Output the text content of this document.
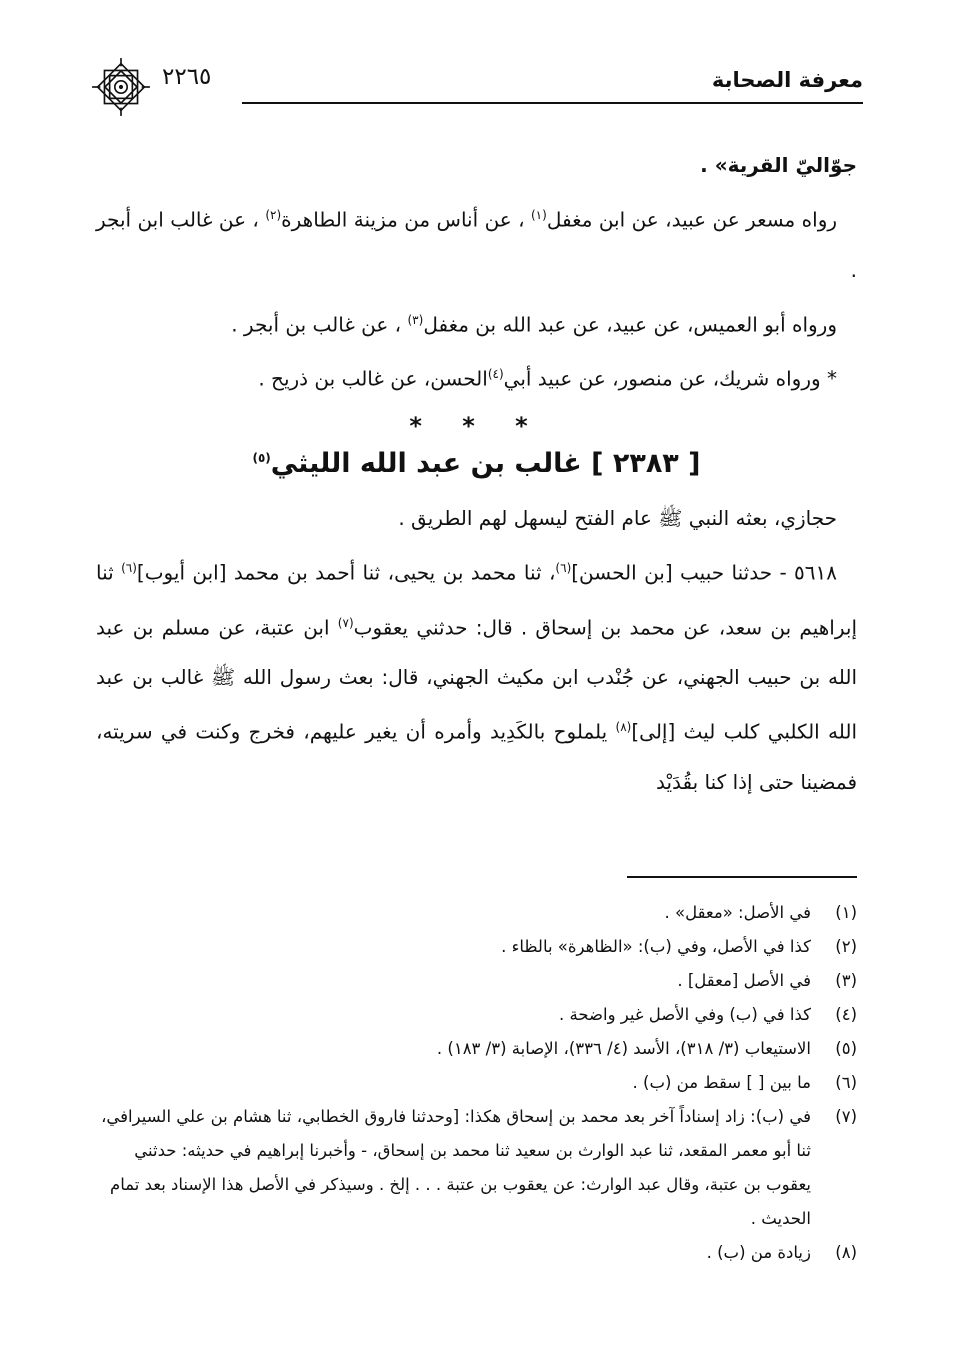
معرفة الصحابة
٢٢٦٥

جوّاليّ القرية» .

رواه مسعر عن عبيد، عن ابن مغفل$^{(١)}$ ، عن أناس من مزينة الطاهرة$^{(٢)}$ ، عن غالب ابن أبجر .

ورواه أبو العميس، عن عبيد، عن عبد الله بن مغفل$^{(٣)}$ ، عن غالب بن أبجر .

* ورواه شريك، عن منصور، عن عبيد أبي$^{(٤)}$الحسن، عن غالب بن ذريح .

* * *
[ ٢٣٨٣ ] غالب بن عبد الله الليثي$^{(٥)}$

حجازي، بعثه النبي ﷺ عام الفتح ليسهل لهم الطريق .

٥٦١٨ - حدثنا حبيب [بن الحسن]$^{(٦)}$، ثنا محمد بن يحيى، ثنا أحمد بن محمد [ابن أيوب]$^{(٦)}$ ثنا إبراهيم بن سعد، عن محمد بن إسحاق . قال: حدثني يعقوب$^{(٧)}$ ابن عتبة، عن مسلم بن عبد الله بن حبيب الجهني، عن جُنْدب ابن مكيث الجهني، قال: بعث رسول الله ﷺ غالب بن عبد الله الكلبي كلب ليث [إلى]$^{(٨)}$ يلملوح بالكَدِيد وأمره أن يغير عليهم، فخرج وكنت في سريته، فمضينا حتى إذا كنا بقُدَيْد

(١)
في الأصل: «معقل» .
(٢)
كذا في الأصل، وفي (ب): «الظاهرة» بالظاء .
(٣)
في الأصل [معقل] .
(٤)
كذا في (ب) وفي الأصل غير واضحة .
(٥)
الاستيعاب (٣/ ٣١٨)، الأسد (٤/ ٣٣٦)، الإصابة (٣/ ١٨٣) .
(٦)
ما بين [ ] سقط من (ب) .
(٧)
في (ب): زاد إسناداً آخر بعد محمد بن إسحاق هكذا: [وحدثنا فاروق الخطابي، ثنا هشام بن علي السيرافي، ثنا أبو معمر المقعد، ثنا عبد الوارث بن سعيد ثنا محمد بن إسحاق، - وأخبرنا إبراهيم في حديثه: حدثني يعقوب بن عتبة، وقال عبد الوارث: عن يعقوب بن عتبة . . . إلخ . وسيذكر في الأصل هذا الإسناد بعد تمام الحديث .
(٨)
زيادة من (ب) .
